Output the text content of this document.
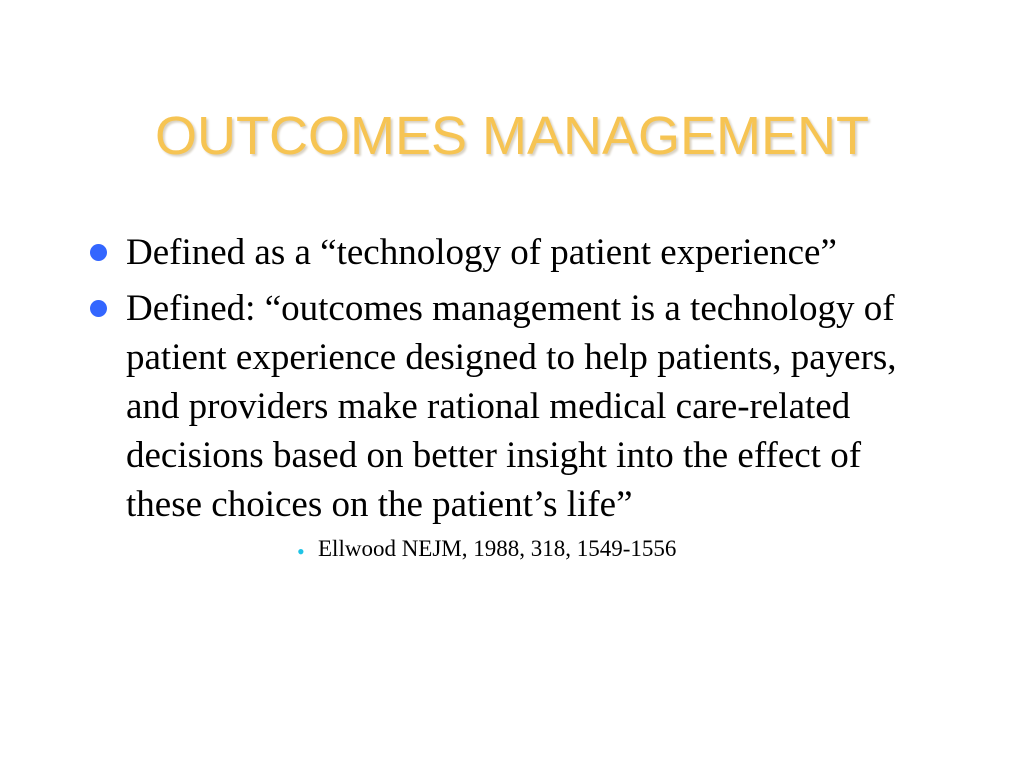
OUTCOMES MANAGEMENT
Defined as a “technology of patient experience”
Defined: “outcomes management is a technology of patient experience designed to help patients, payers, and providers make rational medical care-related decisions based on better insight into the effect of these choices on the patient’s life”
• Ellwood NEJM, 1988, 318, 1549-1556
